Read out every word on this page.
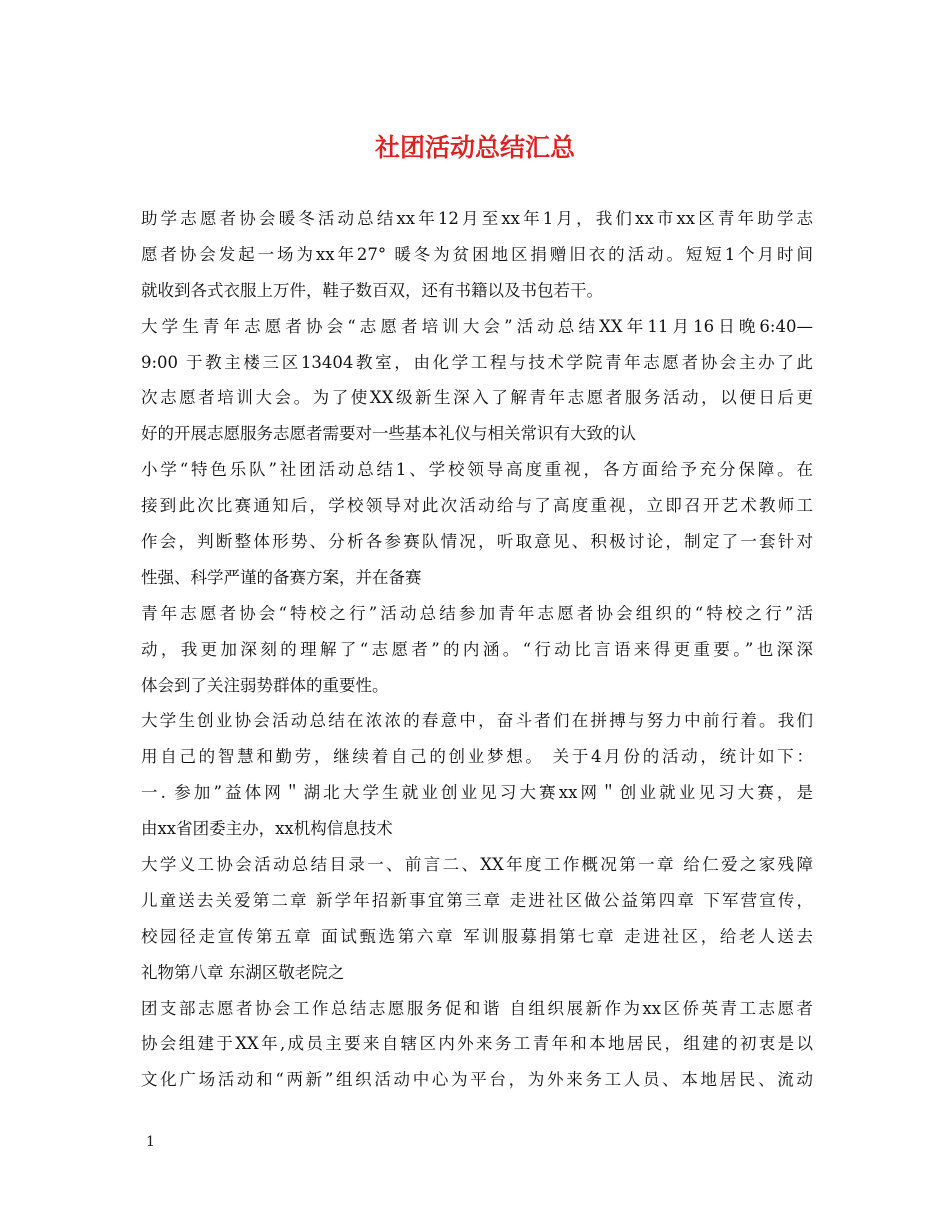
社团活动总结汇总
助学志愿者协会暖冬活动总结xx年12月至xx年1月，我们xx市xx区青年助学志
愿者协会发起一场为xx年27° 暖冬为贫困地区捐赠旧衣的活动。短短1个月时间
就收到各式衣服上万件，鞋子数百双，还有书籍以及书包若干。
大学生青年志愿者协会“志愿者培训大会”活动总结XX年11月16日晚6:40—
9:00 于教主楼三区13404教室，由化学工程与技术学院青年志愿者协会主办了此
次志愿者培训大会。为了使XX级新生深入了解青年志愿者服务活动，以便日后更
好的开展志愿服务志愿者需要对一些基本礼仪与相关常识有大致的认
小学“特色乐队”社团活动总结1、学校领导高度重视，各方面给予充分保障。在
接到此次比赛通知后，学校领导对此次活动给与了高度重视，立即召开艺术教师工
作会，判断整体形势、分析各参赛队情况，听取意见、积极讨论，制定了一套针对
性强、科学严谨的备赛方案，并在备赛
青年志愿者协会“特校之行”活动总结参加青年志愿者协会组织的“特校之行”活
动，我更加深刻的理解了“志愿者”的内涵。“行动比言语来得更重要。”也深深
体会到了关注弱势群体的重要性。
大学生创业协会活动总结在浓浓的春意中，奋斗者们在拼搏与努力中前行着。我们
用自己的智慧和勤劳，继续着自己的创业梦想。 关于4月份的活动，统计如下：
一. 参加”益体网＂湖北大学生就业创业见习大赛xx网＂创业就业见习大赛，是
由xx省团委主办，xx机构信息技术
大学义工协会活动总结目录一、前言二、XX年度工作概况第一章 给仁爱之家残障
儿童送去关爱第二章 新学年招新事宜第三章 走进社区做公益第四章 下军营宣传，
校园径走宣传第五章 面试甄选第六章 军训服募捐第七章 走进社区，给老人送去
礼物第八章 东湖区敬老院之
团支部志愿者协会工作总结志愿服务促和谐 自组织展新作为xx区侨英青工志愿者
协会组建于XX年,成员主要来自辖区内外来务工青年和本地居民，组建的初衷是以
文化广场活动和“两新”组织活动中心为平台，为外来务工人员、本地居民、流动
1
